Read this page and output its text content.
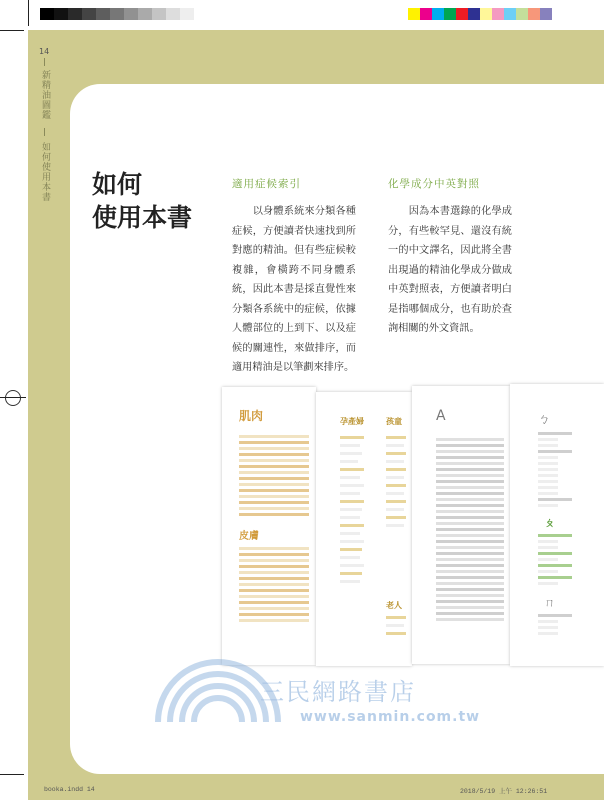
14
新精油圖鑑
如何使用本書 如何
使用本書
適用症候索引
　　以身體系統來分類各種症候，方便讀者快速找到所對應的精油。但有些症候較複雜，會橫跨不同身體系統，因此本書是採直覺性來分類各系統中的症候，依據人體部位的上到下、以及症候的關連性，來做排序，而適用精油是以筆劃來排序。
化學成分中英對照
　　因為本書選錄的化學成分，有些較罕見、還沒有統一的中文譯名，因此將全書出現過的精油化學成分做成中英對照表，方便讀者明白是指哪個成分，也有助於查詢相關的外文資訊。
肌肉
皮膚
孕產婦	孩童
老人
A	ㄅ
ㄆ
ㄇ
三民網路書店
www.sanmin.com.tw
booka.indd 14	2018/5/19 上午 12:26:51
